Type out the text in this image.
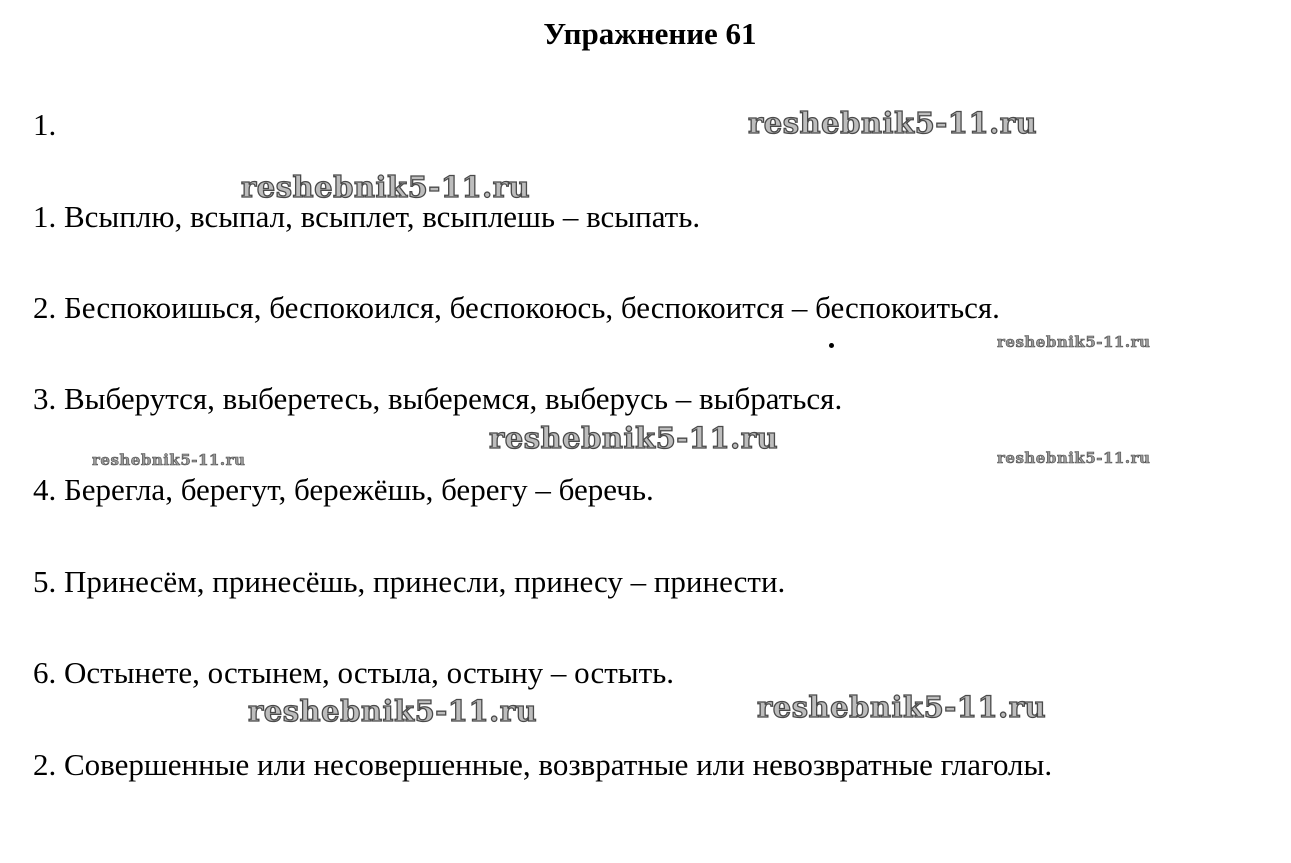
Упражнение 61
1.
1. Всыплю, всыпал, всыплет, всыплешь – всыпать.
2. Беспокоишься, беспокоился, беспокоюсь, беспокоится – беспокоиться.
3. Выберутся, выберетесь, выберемся, выберусь – выбраться.
4. Берегла, берегут, бережёшь, берегу – беречь.
5. Принесём, принесёшь, принесли, принесу – принести.
6. Остынете, остынем, остыла, остыну – остыть.
2. Совершенные или несовершенные, возвратные или невозвратные глаголы.
reshebnik5-11.ru
reshebnik5-11.ru
reshebnik5-11.ru
reshebnik5-11.ru
reshebnik5-11.ru	reshebnik5-11.ru
reshebnik5-11.ru	reshebnik5-11.ru
